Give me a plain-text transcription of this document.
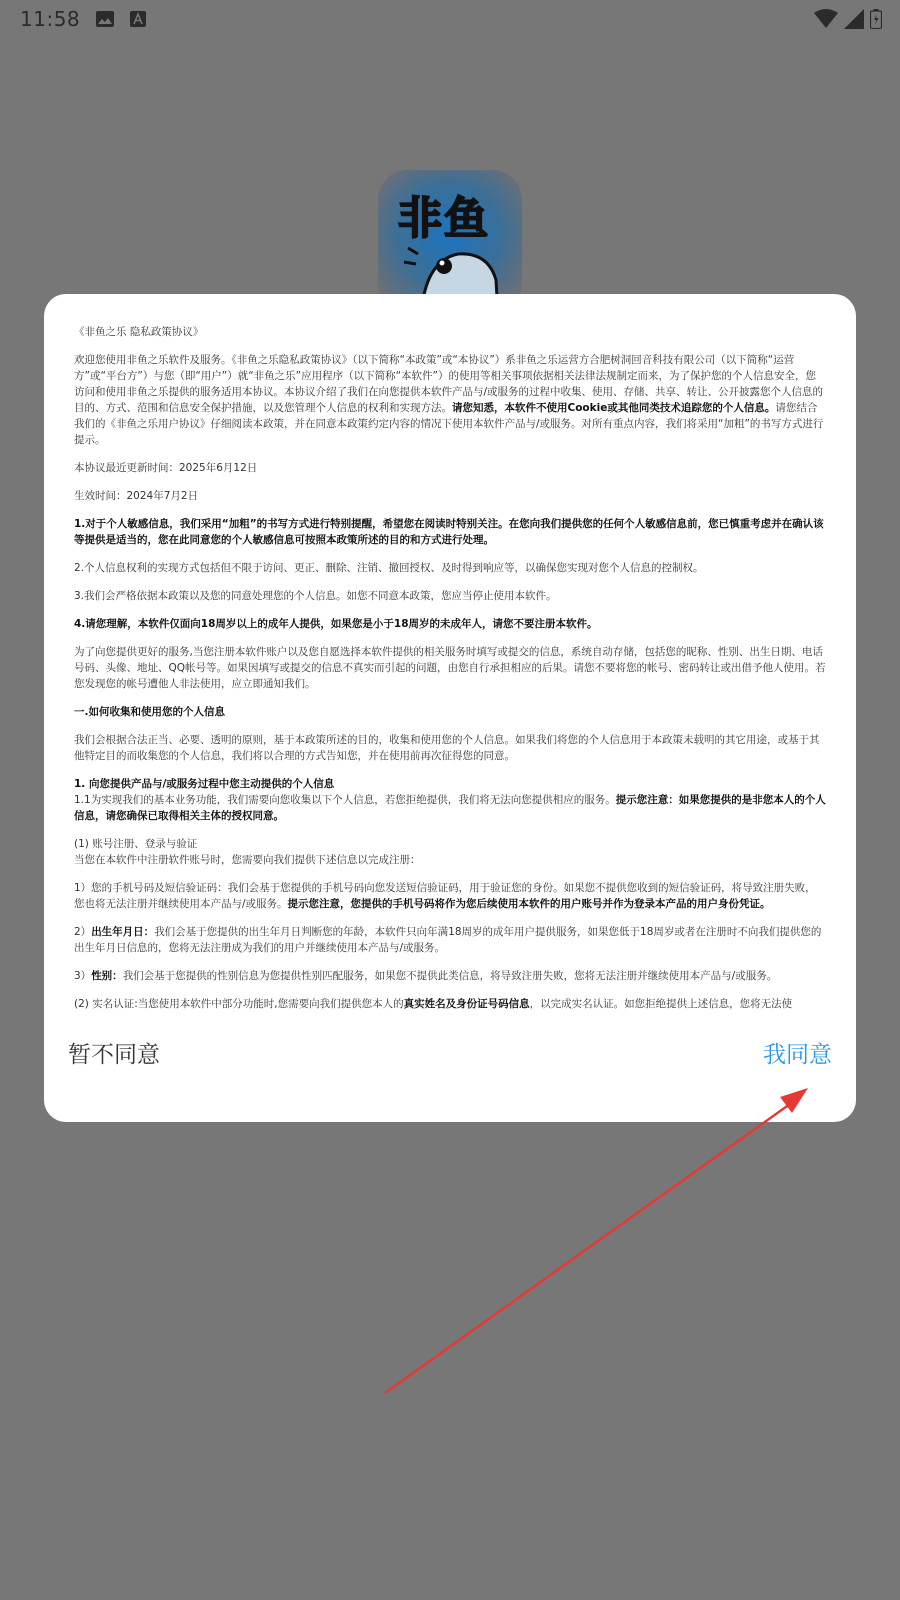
11:58
非鱼

《非鱼之乐 隐私政策协议》

欢迎您使用非鱼之乐软件及服务。《非鱼之乐隐私政策协议》（以下简称“本政策”或“本协议”）系非鱼之乐运营方合肥树洞回音科技有限公司（以下简称“运营方”或“平台方”）与您（即“用户”）就“非鱼之乐”应用程序（以下简称“本软件”）的使用等相关事项依据相关法律法规制定而来，为了保护您的个人信息安全，您访问和使用非鱼之乐提供的服务适用本协议。本协议介绍了我们在向您提供本软件产品与/或服务的过程中收集、使用、存储、共享、转让、公开披露您个人信息的目的、方式、范围和信息安全保护措施，以及您管理个人信息的权利和实现方法。请您知悉，本软件不使用Cookie或其他同类技术追踪您的个人信息。请您结合我们的《非鱼之乐用户协议》仔细阅读本政策，并在同意本政策约定内容的情况下使用本软件产品与/或服务。对所有重点内容，我们将采用“加粗”的书写方式进行提示。

本协议最近更新时间：2025年6月12日

生效时间：2024年7月2日

1.对于个人敏感信息，我们采用“加粗”的书写方式进行特别提醒，希望您在阅读时特别关注。在您向我们提供您的任何个人敏感信息前，您已慎重考虑并在确认该等提供是适当的，您在此同意您的个人敏感信息可按照本政策所述的目的和方式进行处理。

2.个人信息权利的实现方式包括但不限于访问、更正、删除、注销、撤回授权、及时得到响应等，以确保您实现对您个人信息的控制权。

3.我们会严格依据本政策以及您的同意处理您的个人信息。如您不同意本政策，您应当停止使用本软件。

4.请您理解，本软件仅面向18周岁以上的成年人提供，如果您是小于18周岁的未成年人，请您不要注册本软件。

为了向您提供更好的服务,当您注册本软件账户以及您自愿选择本软件提供的相关服务时填写或提交的信息，系统自动存储，包括您的昵称、性别、出生日期、电话号码、头像、地址、QQ帐号等。如果因填写或提交的信息不真实而引起的问题，由您自行承担相应的后果。请您不要将您的帐号、密码转让或出借予他人使用。若您发现您的帐号遭他人非法使用，应立即通知我们。

一.如何收集和使用您的个人信息

我们会根据合法正当、必要、透明的原则，基于本政策所述的目的，收集和使用您的个人信息。如果我们将您的个人信息用于本政策未载明的其它用途，或基于其他特定目的而收集您的个人信息，我们将以合理的方式告知您，并在使用前再次征得您的同意。

1. 向您提供产品与/或服务过程中您主动提供的个人信息

1.1为实现我们的基本业务功能，我们需要向您收集以下个人信息，若您拒绝提供，我们将无法向您提供相应的服务。提示您注意：如果您提供的是非您本人的个人信息，请您确保已取得相关主体的授权同意。

(1) 账号注册、登录与验证

当您在本软件中注册软件账号时，您需要向我们提供下述信息以完成注册：

1）您的手机号码及短信验证码：我们会基于您提供的手机号码向您发送短信验证码，用于验证您的身份。如果您不提供您收到的短信验证码，将导致注册失败，您也将无法注册并继续使用本产品与/或服务。提示您注意，您提供的手机号码将作为您后续使用本软件的用户账号并作为登录本产品的用户身份凭证。

2）出生年月日：我们会基于您提供的出生年月日判断您的年龄，本软件只向年满18周岁的成年用户提供服务，如果您低于18周岁或者在注册时不向我们提供您的出生年月日信息的，您将无法注册成为我们的用户并继续使用本产品与/或服务。

3）性别：我们会基于您提供的性别信息为您提供性别匹配服务，如果您不提供此类信息，将导致注册失败，您将无法注册并继续使用本产品与/或服务。

(2) 实名认证:当您使用本软件中部分功能时,您需要向我们提供您本人的真实姓名及身份证号码信息，以完成实名认证。如您拒绝提供上述信息，您将无法使

暂不同意	我同意
